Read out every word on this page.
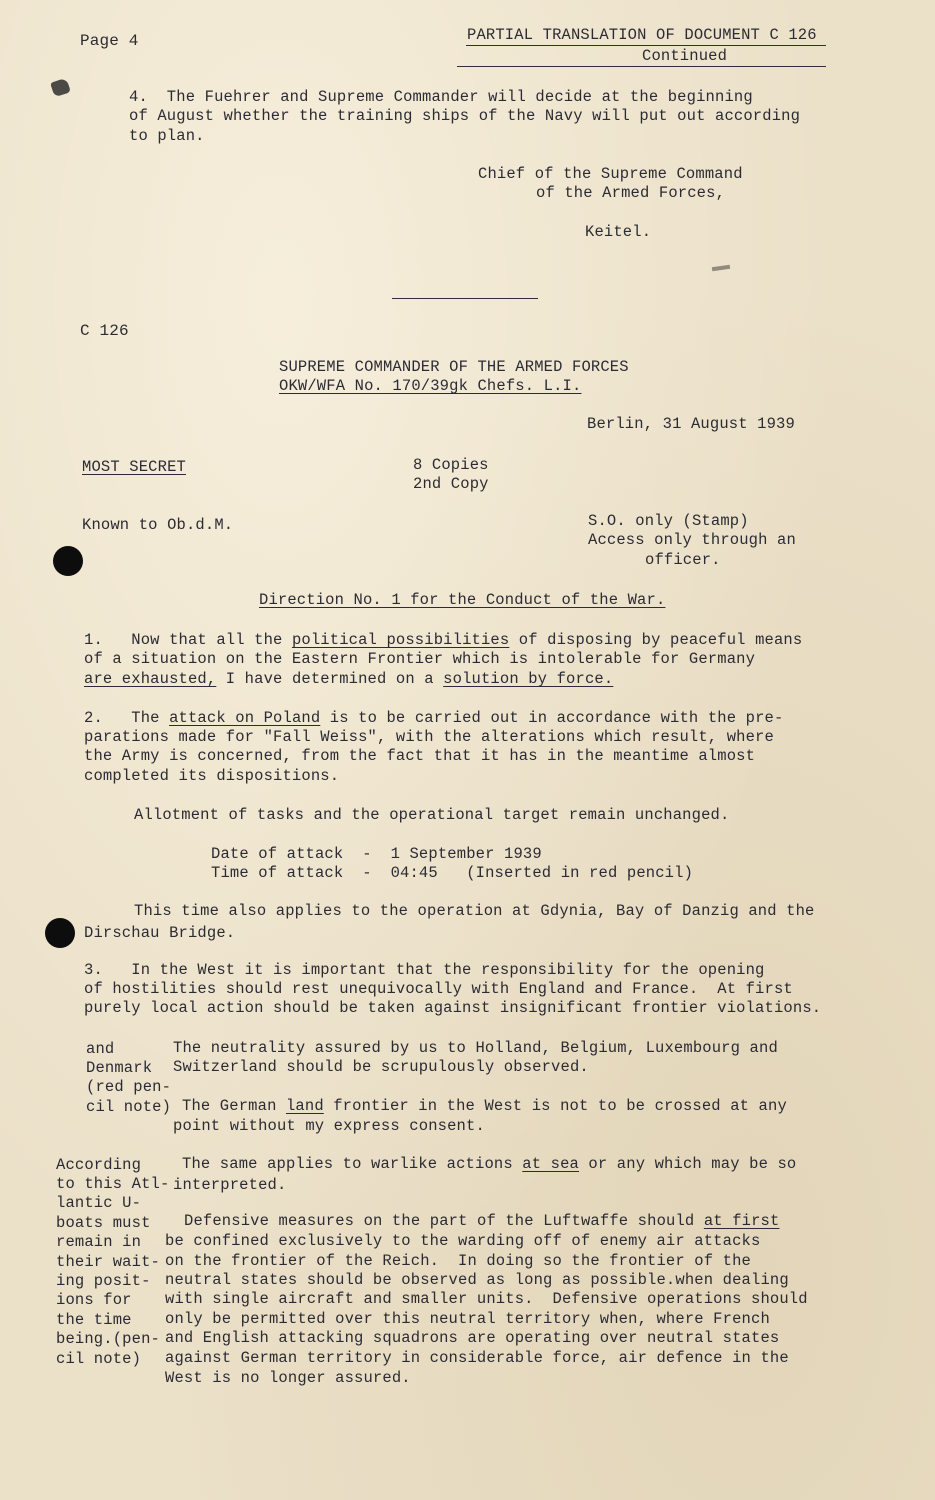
Page 4	PARTIAL TRANSLATION OF DOCUMENT C 126
Continued
4.  The Fuehrer and Supreme Commander will decide at the beginning
of August whether the training ships of the Navy will put out according
to plan.
Chief of the Supreme Command
of the Armed Forces,
Keitel.
C 126
SUPREME COMMANDER OF THE ARMED FORCES
OKW/WFA No. 170/39gk Chefs. L.I.
Berlin, 31 August 1939
MOST SECRET	8 Copies
2nd Copy
Known to Ob.d.M.	S.O. only (Stamp)
Access only through an
officer.
Direction No. 1 for the Conduct of the War.
1.   Now that all the political possibilities of disposing by peaceful means
of a situation on the Eastern Frontier which is intolerable for Germany
are exhausted, I have determined on a solution by force.
2.   The attack on Poland is to be carried out in accordance with the pre-
parations made for "Fall Weiss", with the alterations which result, where
the Army is concerned, from the fact that it has in the meantime almost
completed its dispositions.
Allotment of tasks and the operational target remain unchanged.
Date of attack  -  1 September 1939
Time of attack  -  04:45   (Inserted in red pencil)
This time also applies to the operation at Gdynia, Bay of Danzig and the
Dirschau Bridge.
3.   In the West it is important that the responsibility for the opening
of hostilities should rest unequivocally with England and France.  At first
purely local action should be taken against insignificant frontier violations.
and
Denmark
(red pen-
cil note)
The neutrality assured by us to Holland, Belgium, Luxembourg and
Switzerland should be scrupulously observed.
The German land frontier in the West is not to be crossed at any
point without my express consent.
According
to this Atl-
lantic U-
boats must
remain in
their wait-
ing posit-
ions for
the time
being.(pen-
cil note)
The same applies to warlike actions at sea or any which may be so
interpreted.
Defensive measures on the part of the Luftwaffe should at first
be confined exclusively to the warding off of enemy air attacks
on the frontier of the Reich.  In doing so the frontier of the
neutral states should be observed as long as possible.when dealing
with single aircraft and smaller units.  Defensive operations should
only be permitted over this neutral territory when, where French
and English attacking squadrons are operating over neutral states
against German territory in considerable force, air defence in the
West is no longer assured.
